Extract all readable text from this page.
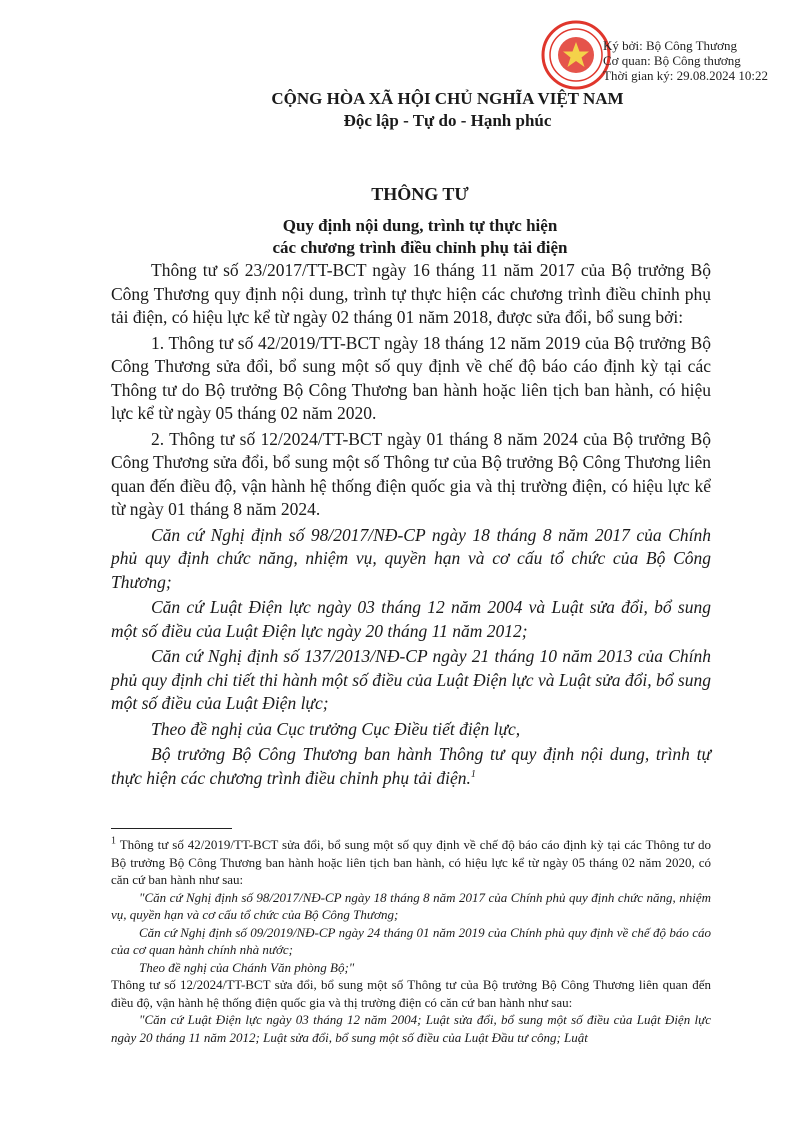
Ký bởi: Bộ Công Thương
Cơ quan: Bộ Công thương
Thời gian ký: 29.08.2024 10:22
CỘNG HÒA XÃ HỘI CHỦ NGHĨA VIỆT NAM
Độc lập - Tự do - Hạnh phúc
THÔNG TƯ
Quy định nội dung, trình tự thực hiện
các chương trình điều chỉnh phụ tải điện

Thông tư số 23/2017/TT-BCT ngày 16 tháng 11 năm 2017 của Bộ trưởng Bộ Công Thương quy định nội dung, trình tự thực hiện các chương trình điều chỉnh phụ tải điện, có hiệu lực kể từ ngày 02 tháng 01 năm 2018, được sửa đổi, bổ sung bởi:

1. Thông tư số 42/2019/TT-BCT ngày 18 tháng 12 năm 2019 của Bộ trưởng Bộ Công Thương sửa đổi, bổ sung một số quy định về chế độ báo cáo định kỳ tại các Thông tư do Bộ trưởng Bộ Công Thương ban hành hoặc liên tịch ban hành, có hiệu lực kể từ ngày 05 tháng 02 năm 2020.

2. Thông tư số 12/2024/TT-BCT ngày 01 tháng 8 năm 2024 của Bộ trưởng Bộ Công Thương sửa đổi, bổ sung một số Thông tư của Bộ trưởng Bộ Công Thương liên quan đến điều độ, vận hành hệ thống điện quốc gia và thị trường điện, có hiệu lực kể từ ngày 01 tháng 8 năm 2024.

Căn cứ Nghị định số 98/2017/NĐ-CP ngày 18 tháng 8 năm 2017 của Chính phủ quy định chức năng, nhiệm vụ, quyền hạn và cơ cấu tổ chức của Bộ Công Thương;

Căn cứ Luật Điện lực ngày 03 tháng 12 năm 2004 và Luật sửa đổi, bổ sung một số điều của Luật Điện lực ngày 20 tháng 11 năm 2012;

Căn cứ Nghị định số 137/2013/NĐ-CP ngày 21 tháng 10 năm 2013 của Chính phủ quy định chi tiết thi hành một số điều của Luật Điện lực và Luật sửa đổi, bổ sung một số điều của Luật Điện lực;

Theo đề nghị của Cục trưởng Cục Điều tiết điện lực,

Bộ trưởng Bộ Công Thương ban hành Thông tư quy định nội dung, trình tự thực hiện các chương trình điều chỉnh phụ tải điện.$^1$

$^1$ Thông tư số 42/2019/TT-BCT sửa đổi, bổ sung một số quy định về chế độ báo cáo định kỳ tại các Thông tư do Bộ trưởng Bộ Công Thương ban hành hoặc liên tịch ban hành, có hiệu lực kể từ ngày 05 tháng 02 năm 2020, có căn cứ ban hành như sau:

"Căn cứ Nghị định số 98/2017/NĐ-CP ngày 18 tháng 8 năm 2017 của Chính phủ quy định chức năng, nhiệm vụ, quyền hạn và cơ cấu tổ chức của Bộ Công Thương;

Căn cứ Nghị định số 09/2019/NĐ-CP ngày 24 tháng 01 năm 2019 của Chính phủ quy định về chế độ báo cáo của cơ quan hành chính nhà nước;

Theo đề nghị của Chánh Văn phòng Bộ;"

Thông tư số 12/2024/TT-BCT sửa đổi, bổ sung một số Thông tư của Bộ trưởng Bộ Công Thương liên quan đến điều độ, vận hành hệ thống điện quốc gia và thị trường điện có căn cứ ban hành như sau:

"Căn cứ Luật Điện lực ngày 03 tháng 12 năm 2004; Luật sửa đổi, bổ sung một số điều của Luật Điện lực ngày 20 tháng 11 năm 2012; Luật sửa đổi, bổ sung một số điều của Luật Đầu tư công; Luật
